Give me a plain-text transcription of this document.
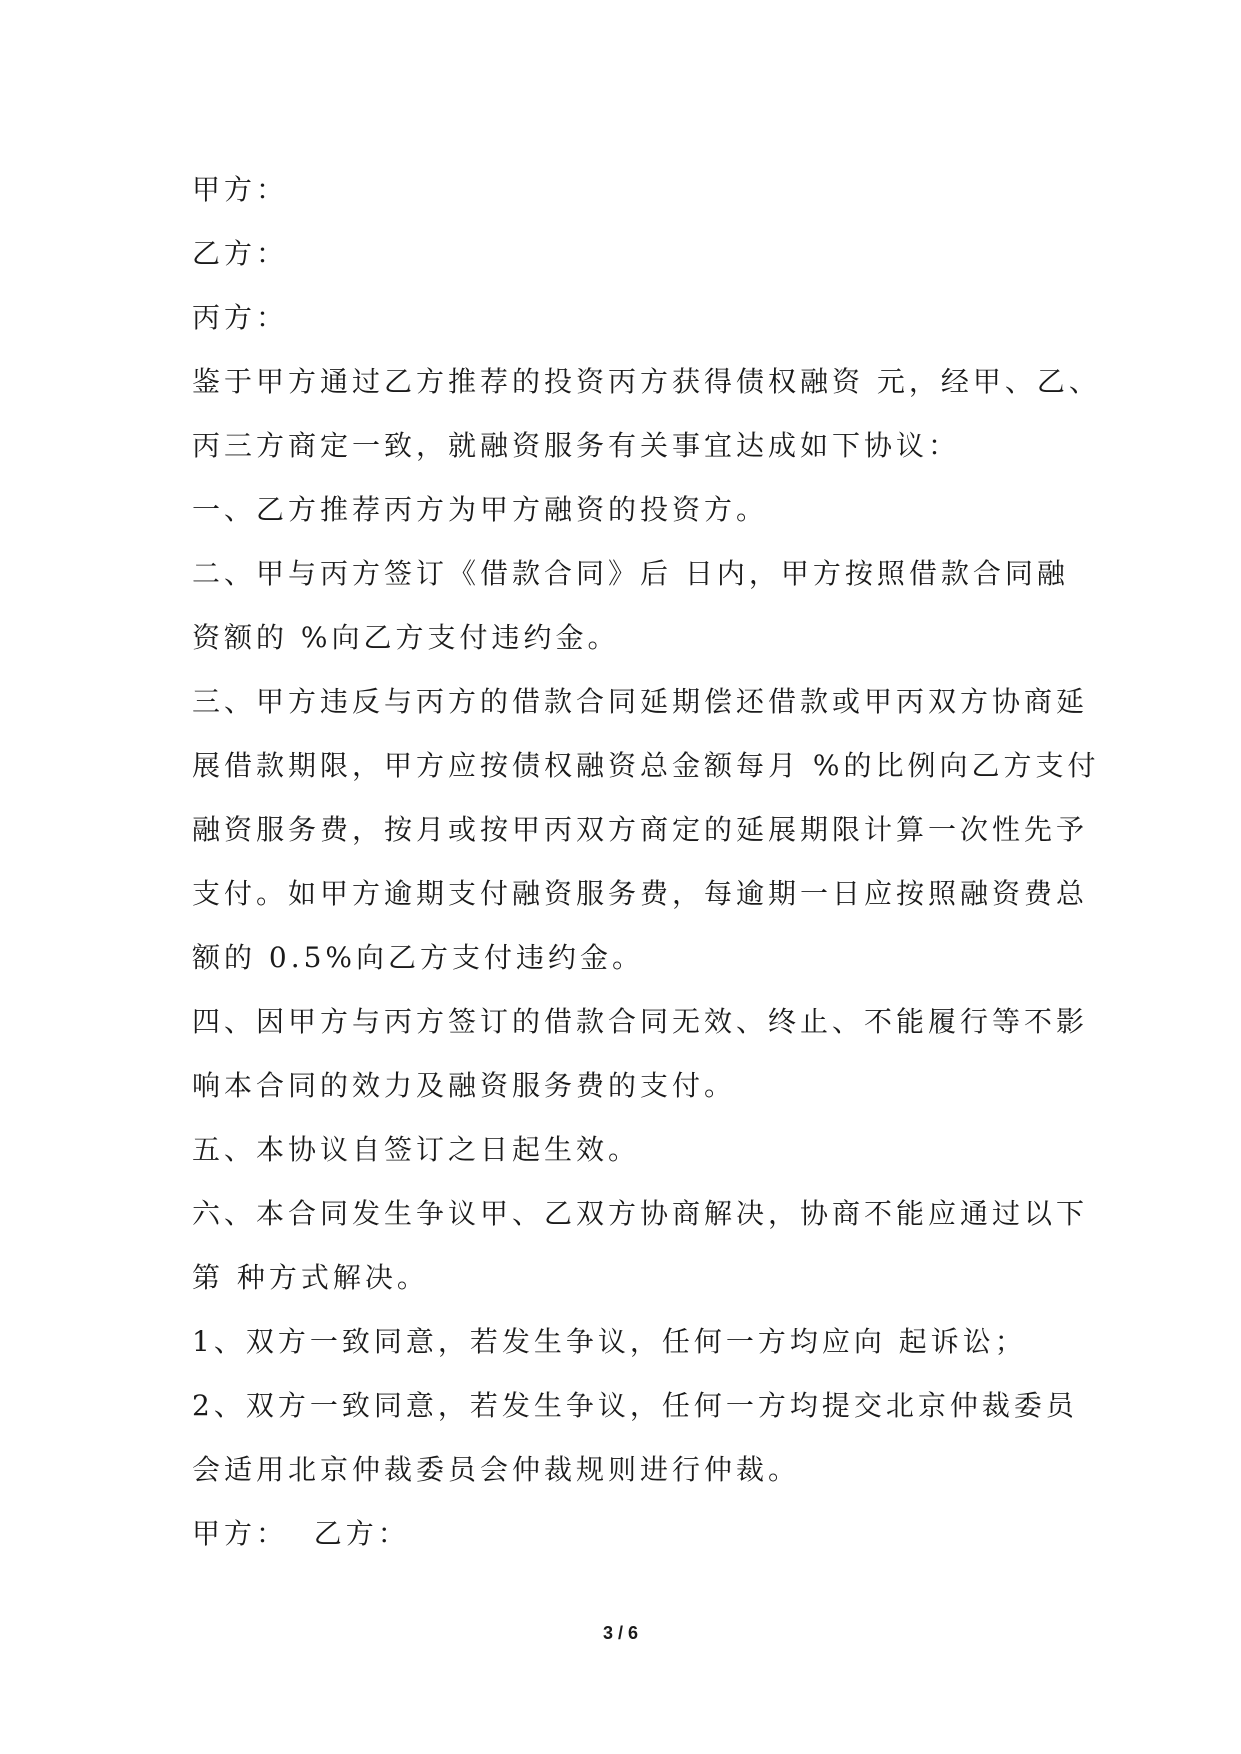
甲方：

乙方：

丙方：

鉴于甲方通过乙方推荐的投资丙方获得债权融资 元，经甲、乙、

丙三方商定一致，就融资服务有关事宜达成如下协议：

一、乙方推荐丙方为甲方融资的投资方。

二、甲与丙方签订《借款合同》后 日内，甲方按照借款合同融

资额的 %向乙方支付违约金。

三、甲方违反与丙方的借款合同延期偿还借款或甲丙双方协商延

展借款期限，甲方应按债权融资总金额每月 %的比例向乙方支付

融资服务费，按月或按甲丙双方商定的延展期限计算一次性先予

支付。如甲方逾期支付融资服务费，每逾期一日应按照融资费总

额的 0.5%向乙方支付违约金。

四、因甲方与丙方签订的借款合同无效、终止、不能履行等不影

响本合同的效力及融资服务费的支付。

五、本协议自签订之日起生效。

六、本合同发生争议甲、乙双方协商解决，协商不能应通过以下

第 种方式解决。

1、双方一致同意，若发生争议，任何一方均应向 起诉讼；

2、双方一致同意，若发生争议，任何一方均提交北京仲裁委员

会适用北京仲裁委员会仲裁规则进行仲裁。

甲方：  乙方：

3 / 6
